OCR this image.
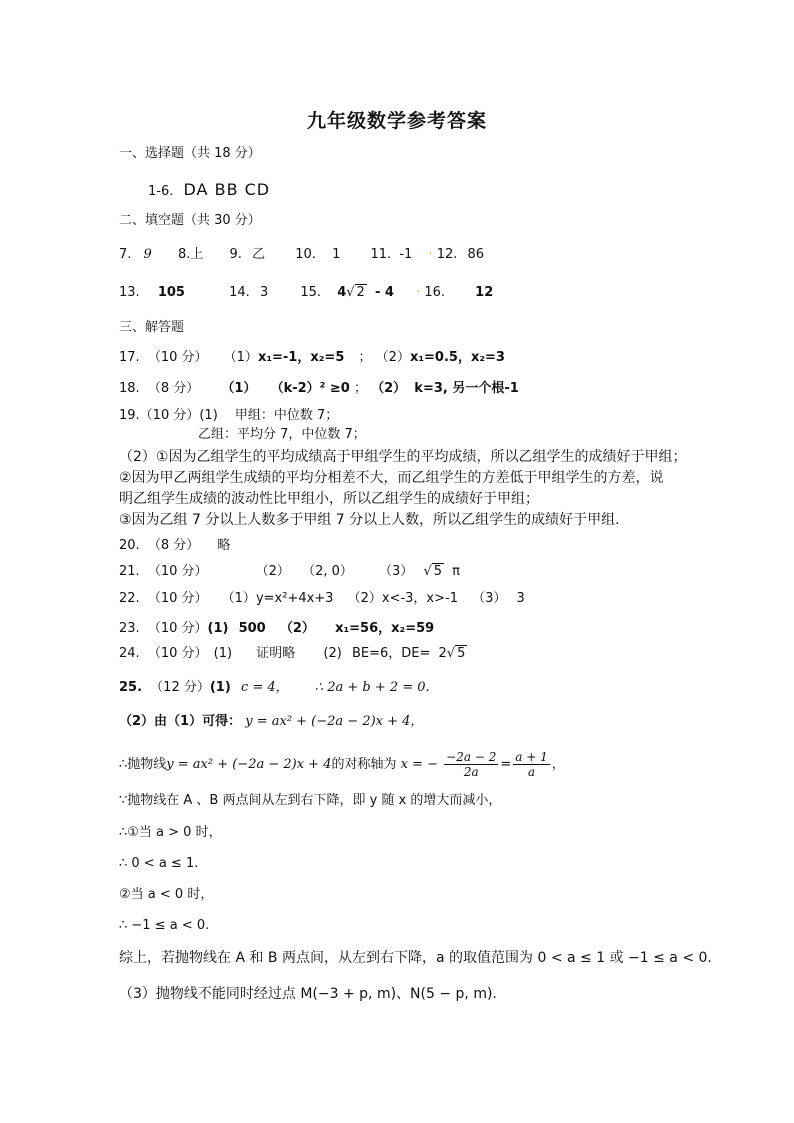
九年级数学参考答案
一、选择题（共 18 分）
1-6. DA BB CD
二、填空题（共 30 分）
7. 9 8.上 9. 乙 10. 1 11. -1 · 12. 86
13. 105	14. 3 15. 4√ 2 - 4 · 16. 12
三、解答题
17. （10 分） （1）x₁=-1，x₂=5 ； （2）x₁=0.5，x₂=3
18. （8 分） （1） （k-2）² ≥0 ； （2） k=3, 另一个根-1
19.（10 分）(1)　 甲组：中位数 7；
乙组：平均分 7，中位数 7；
（2）①因为乙组学生的平均成绩高于甲组学生的平均成绩，所以乙组学生的成绩好于甲组；
②因为甲乙两组学生成绩的平均分相差不大，而乙组学生的方差低于甲组学生的方差，说
明乙组学生成绩的波动性比甲组小，所以乙组学生的成绩好于甲组；
③因为乙组 7 分以上人数多于甲组 7 分以上人数，所以乙组学生的成绩好于甲组.
20. （8 分） 略
21. （10 分）	（2） （2, 0） （3） √ 5 π
22. （10 分） （1）y=x²+4x+3 （2）x<-3，x>-1 （3） 3
23. （10 分）(1) 500 （2） x₁=56，x₂=59
24. （10 分） (1) 证明略 (2) BE=6，DE= 2√ 5
25. （12 分）(1) c = 4， ∴ 2a + b + 2 = 0.
（2）由（1）可得： y = ax² + (−2a − 2)x + 4，
∴抛物线y = ax² + (−2a − 2)x + 4的对称轴为 x = − $\frac{-2a - 2}{2a} = \frac{a + 1}{a}$ ，
∵抛物线在 A 、B 两点间从左到右下降，即 y 随 x 的增大而减小，
∴①当 a > 0 时，
∴ 0 < a ≤ 1.
②当 a < 0 时，
∴ −1 ≤ a < 0.
综上，若抛物线在 A 和 B 两点间，从左到右下降，a 的取值范围为 0 < a ≤ 1 或 −1 ≤ a < 0.
（3）抛物线不能同时经过点 M(−3 + p, m)、N(5 − p, m).
